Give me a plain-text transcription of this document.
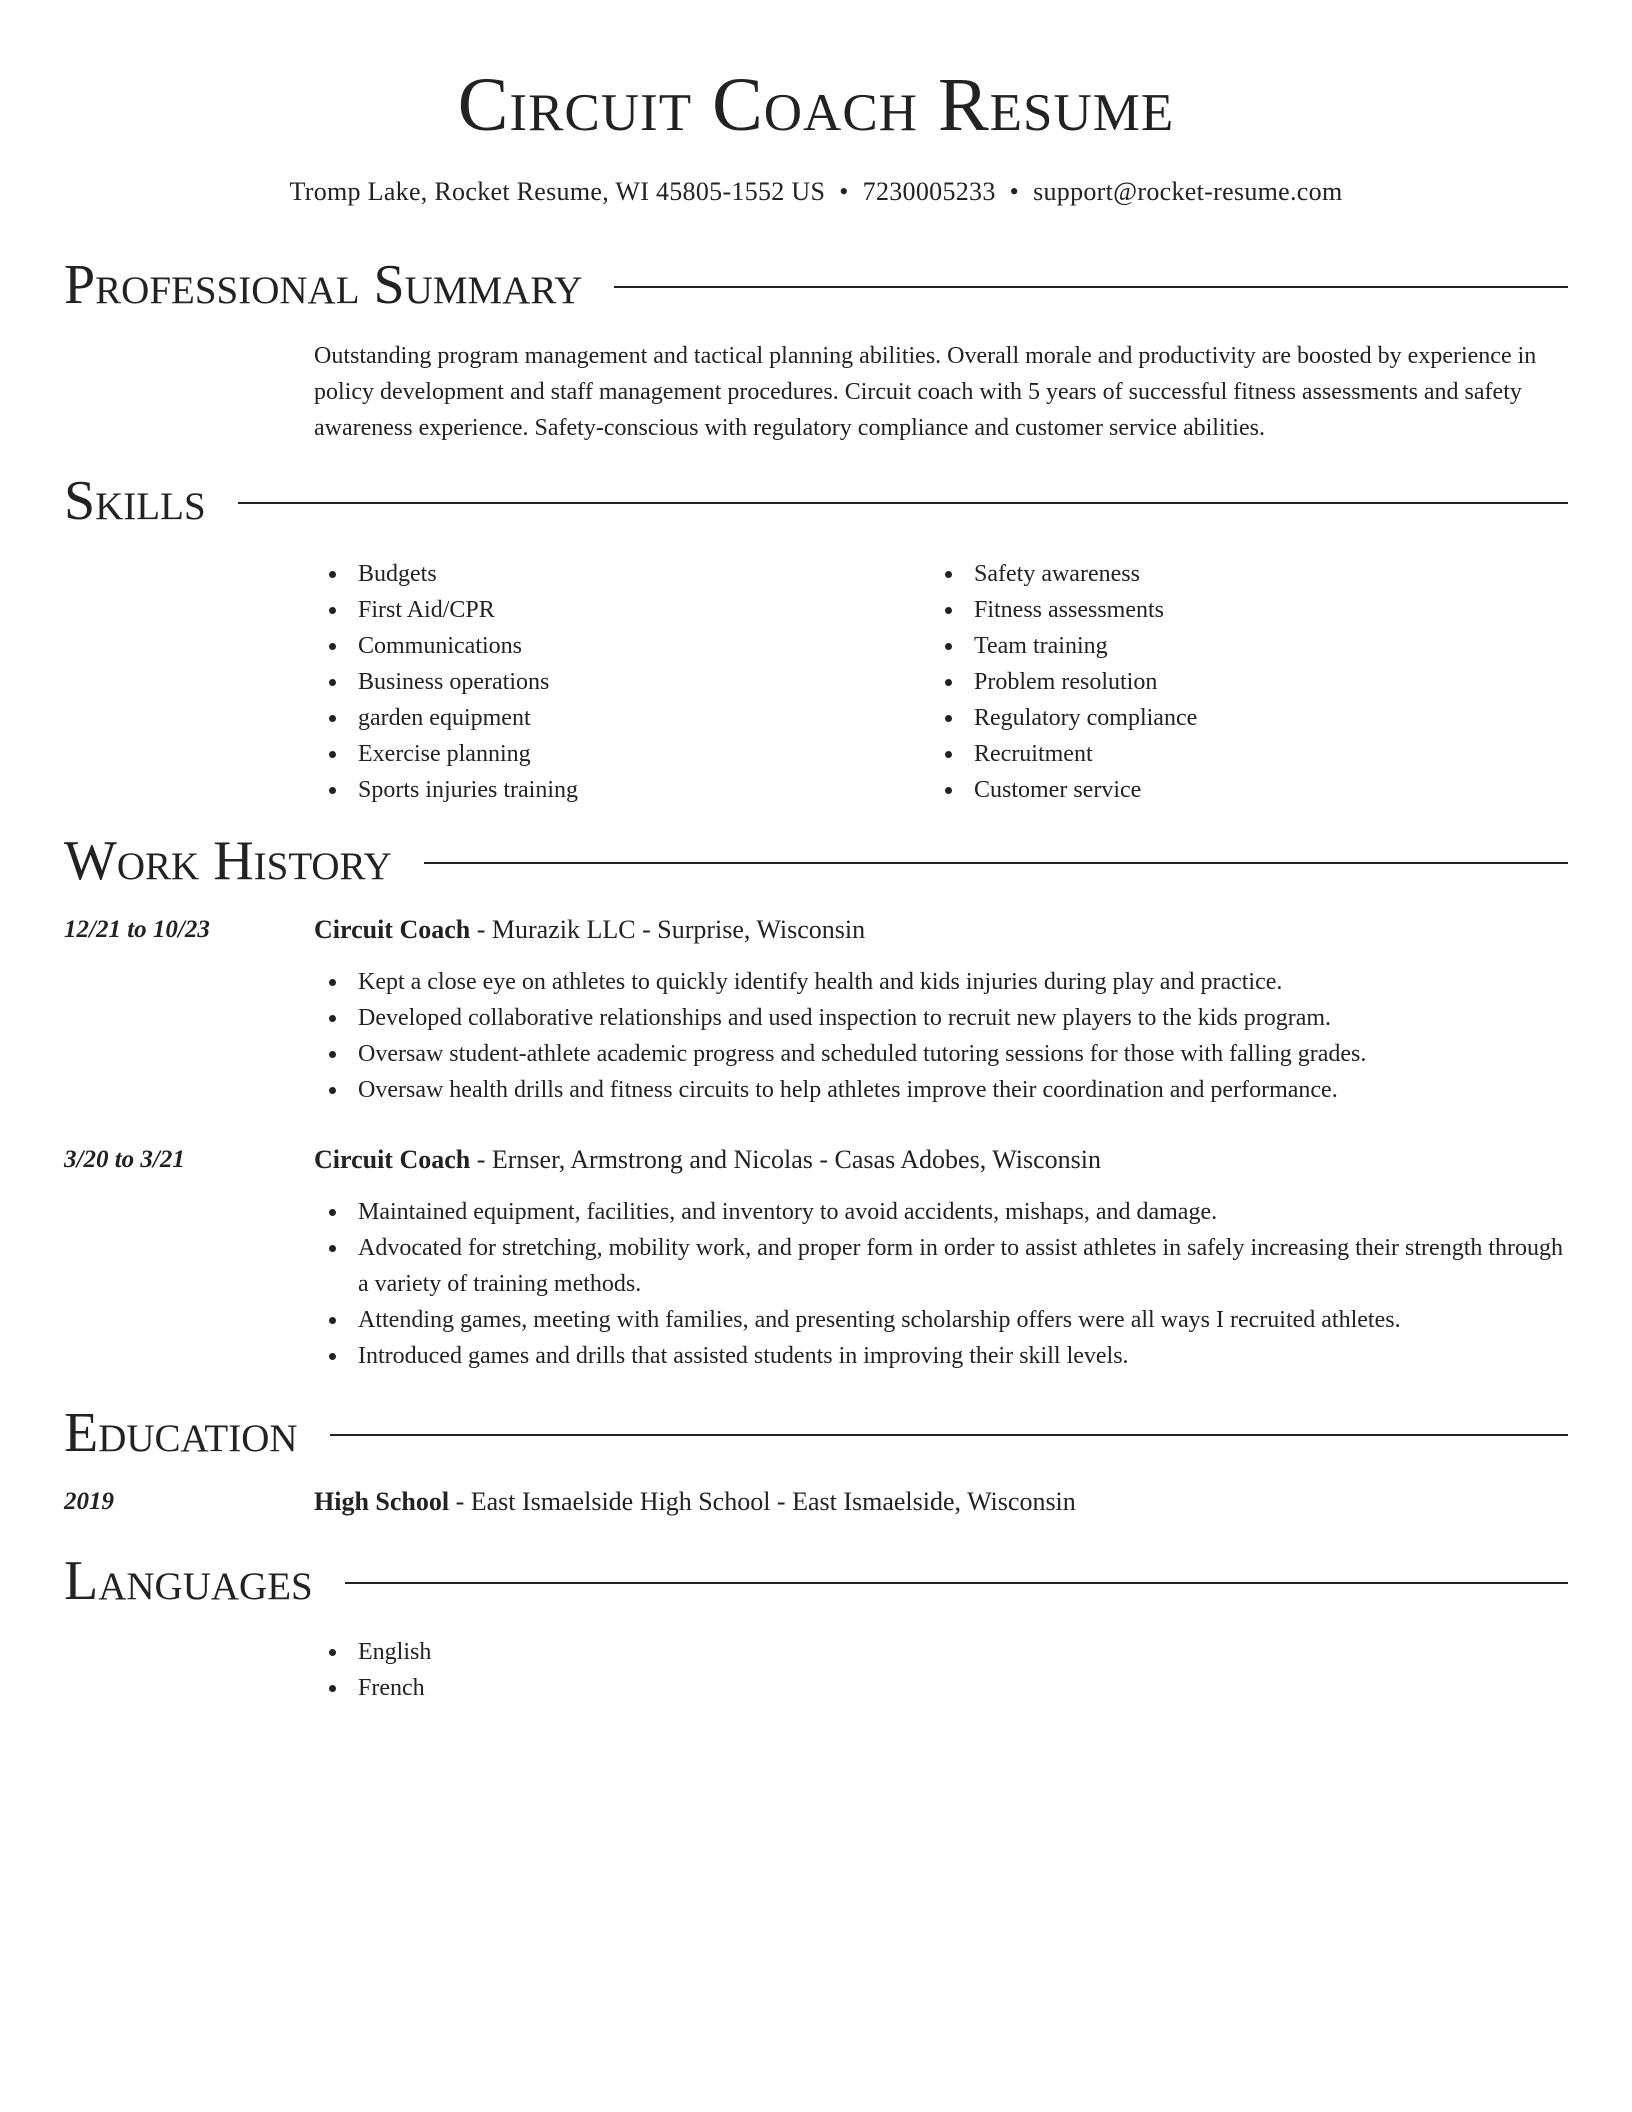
Circuit Coach Resume
Tromp Lake, Rocket Resume, WI 45805-1552 US • 7230005233 • support@rocket-resume.com
Professional Summary

Outstanding program management and tactical planning abilities. Overall morale and productivity are boosted by experience in policy development and staff management procedures. Circuit coach with 5 years of successful fitness assessments and safety awareness experience. Safety-conscious with regulatory compliance and customer service abilities.

Skills
Budgets
First Aid/CPR
Communications
Business operations
garden equipment
Exercise planning
Sports injuries training
Safety awareness
Fitness assessments
Team training
Problem resolution
Regulatory compliance
Recruitment
Customer service
Work History
12/21 to 10/23	Circuit Coach - Murazik LLC - Surprise, Wisconsin
Kept a close eye on athletes to quickly identify health and kids injuries during play and practice.
Developed collaborative relationships and used inspection to recruit new players to the kids program.
Oversaw student-athlete academic progress and scheduled tutoring sessions for those with falling grades.
Oversaw health drills and fitness circuits to help athletes improve their coordination and performance.
3/20 to 3/21	Circuit Coach - Ernser, Armstrong and Nicolas - Casas Adobes, Wisconsin
Maintained equipment, facilities, and inventory to avoid accidents, mishaps, and damage.
Advocated for stretching, mobility work, and proper form in order to assist athletes in safely increasing their strength through a variety of training methods.
Attending games, meeting with families, and presenting scholarship offers were all ways I recruited athletes.
Introduced games and drills that assisted students in improving their skill levels.
Education
2019	High School - East Ismaelside High School - East Ismaelside, Wisconsin
Languages
English
French
